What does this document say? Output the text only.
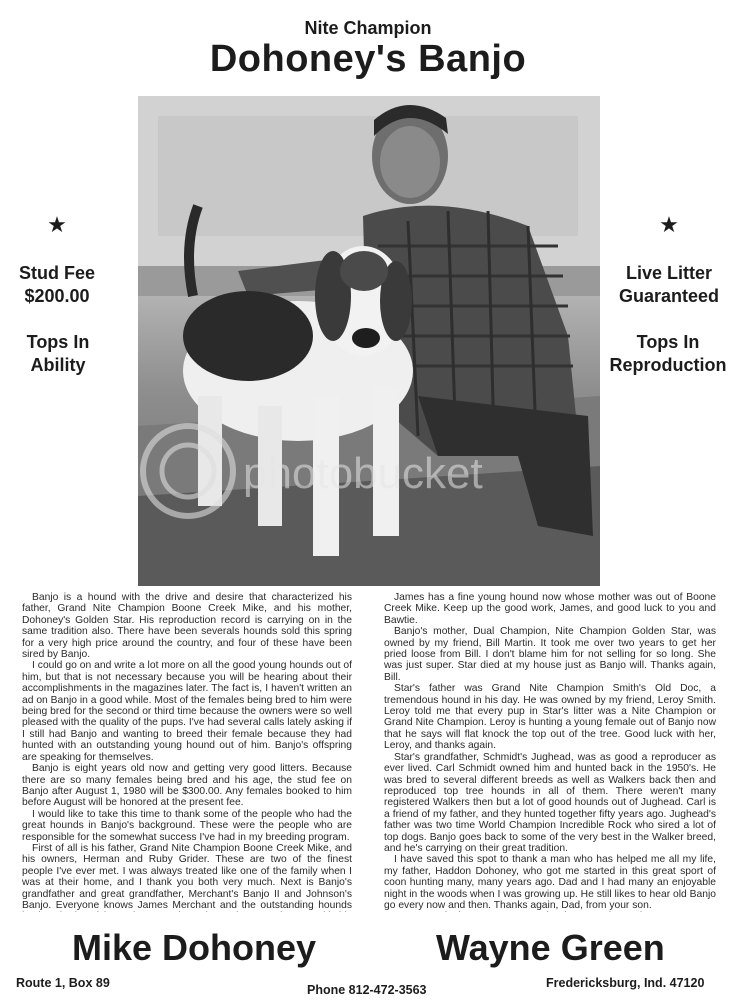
Nite Champion
Dohoney's Banjo
★
Stud Fee
$200.00
Tops In
Ability
★
Live Litter
Guaranteed
Tops In
Reproduction
photobucket

Banjo is a hound with the drive and desire that characterized his father, Grand Nite Champion Boone Creek Mike, and his mother, Dohoney's Golden Star. His reproduction record is carrying on in the same tradition also. There have been severals hounds sold this spring for a very high price around the country, and four of these have been sired by Banjo.

I could go on and write a lot more on all the good young hounds out of him, but that is not necessary because you will be hearing about their accomplishments in the magazines later. The fact is, I haven't written an ad on Banjo in a good while. Most of the females being bred to him were being bred for the second or third time because the owners were so well pleased with the quality of the pups. I've had several calls lately asking if I still had Banjo and wanting to breed their female because they had hunted with an outstanding young hound out of him. Banjo's offspring are speaking for themselves.

Banjo is eight years old now and getting very good litters. Because there are so many females being bred and his age, the stud fee on Banjo after August 1, 1980 will be $300.00. Any females booked to him before August will be honored at the present fee.

I would like to take this time to thank some of the people who had the great hounds in Banjo's background. These were the people who are responsible for the somewhat success I've had in my breeding program.

First of all is his father, Grand Nite Champion Boone Creek Mike, and his owners, Herman and Ruby Grider. These are two of the finest people I've ever met. I was always treated like one of the family when I was at their home, and I thank you both very much. Next is Banjo's grandfather and great grandfather, Merchant's Banjo II and Johnson's Banjo. Everyone knows James Merchant and the outstanding hounds

James has a fine young hound now whose mother was out of Boone Creek Mike. Keep up the good work, James, and good luck to you and Bawtie.

Banjo's mother, Dual Champion, Nite Champion Golden Star, was owned by my friend, Bill Martin. It took me over two years to get her pried loose from Bill. I don't blame him for not selling for so long. She was just super. Star died at my house just as Banjo will. Thanks again, Bill.

Star's father was Grand Nite Champion Smith's Old Doc, a tremendous hound in his day. He was owned by my friend, Leroy Smith. Leroy told me that every pup in Star's litter was a Nite Champion or Grand Nite Champion. Leroy is hunting a young female out of Banjo now that he says will flat knock the top out of the tree. Good luck with her, Leroy, and thanks again.

Star's grandfather, Schmidt's Jughead, was as good a reproducer as ever lived. Carl Schmidt owned him and hunted back in the 1950's. He was bred to several different breeds as well as Walkers back then and reproduced top tree hounds in all of them. There weren't many registered Walkers then but a lot of good hounds out of Jughead. Carl is a friend of my father, and they hunted together fifty years ago. Jughead's father was two time World Champion Incredible Rock who sired a lot of top dogs. Banjo goes back to some of the very best in the Walker breed, and he's carrying on their great tradition.

I have saved this spot to thank a man who has helped me all my life, my father, Haddon Dohoney, who got me started in this great sport of coon hunting many, many years ago. Dad and I had many an enjoyable night in the woods when I was growing up. He still likes to hear old Banjo go every now and then. Thanks again, Dad, from your son.

Mike Dohoney	Wayne Green
Route 1, Box 89	Phone 812-472-3563	Fredericksburg, Ind. 47120
